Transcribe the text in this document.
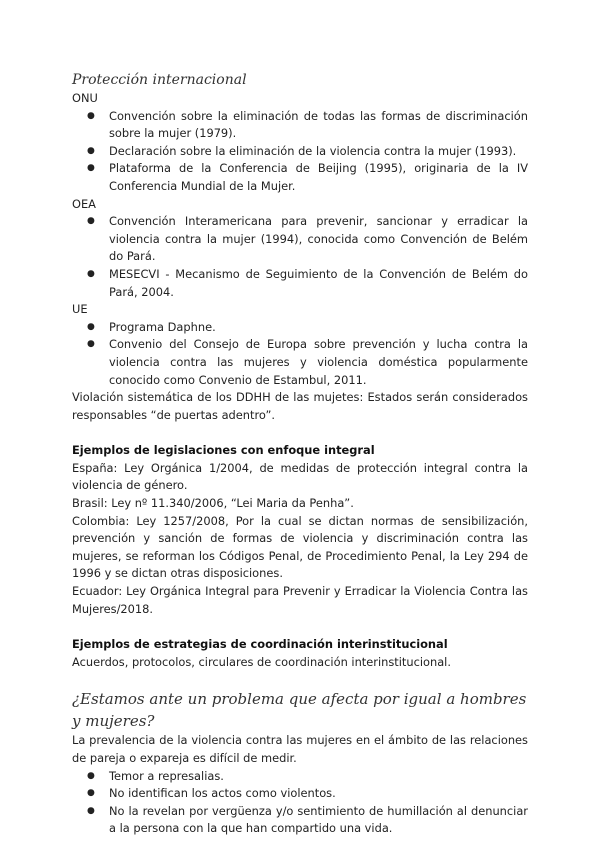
Protección internacional
ONU
● Convención sobre la eliminación de todas las formas de discriminación sobre la mujer (1979).
● Declaración sobre la eliminación de la violencia contra la mujer (1993).
● Plataforma de la Conferencia de Beijing (1995), originaria de la IV Conferencia Mundial de la Mujer.
OEA
● Convención Interamericana para prevenir, sancionar y erradicar la violencia contra la mujer (1994), conocida como Convención de Belém do Pará.
● MESECVI - Mecanismo de Seguimiento de la Convención de Belém do Pará, 2004.
UE
● Programa Daphne.
● Convenio del Consejo de Europa sobre prevención y lucha contra la violencia contra las mujeres y violencia doméstica popularmente conocido como Convenio de Estambul, 2011.

Violación sistemática de los DDHH de las mujetes: Estados serán considerados responsables “de puertas adentro”.

Ejemplos de legislaciones con enfoque integral

España: Ley Orgánica 1/2004, de medidas de protección integral contra la violencia de género.

Brasil: Ley nº 11.340/2006, “Lei Maria da Penha”.

Colombia: Ley 1257/2008, Por la cual se dictan normas de sensibilización, prevención y sanción de formas de violencia y discriminación contra las mujeres, se reforman los Códigos Penal, de Procedimiento Penal, la Ley 294 de 1996 y se dictan otras disposiciones.

Ecuador: Ley Orgánica Integral para Prevenir y Erradicar la Violencia Contra las Mujeres/2018.

Ejemplos de estrategias de coordinación interinstitucional

Acuerdos, protocolos, circulares de coordinación interinstitucional.

¿Estamos ante un problema que afecta por igual a hombres y mujeres?

La prevalencia de la violencia contra las mujeres en el ámbito de las relaciones de pareja o expareja es difícil de medir.

● Temor a represalias.
● No identifican los actos como violentos.
● No la revelan por vergüenza y/o sentimiento de humillación al denunciar a la persona con la que han compartido una vida.
